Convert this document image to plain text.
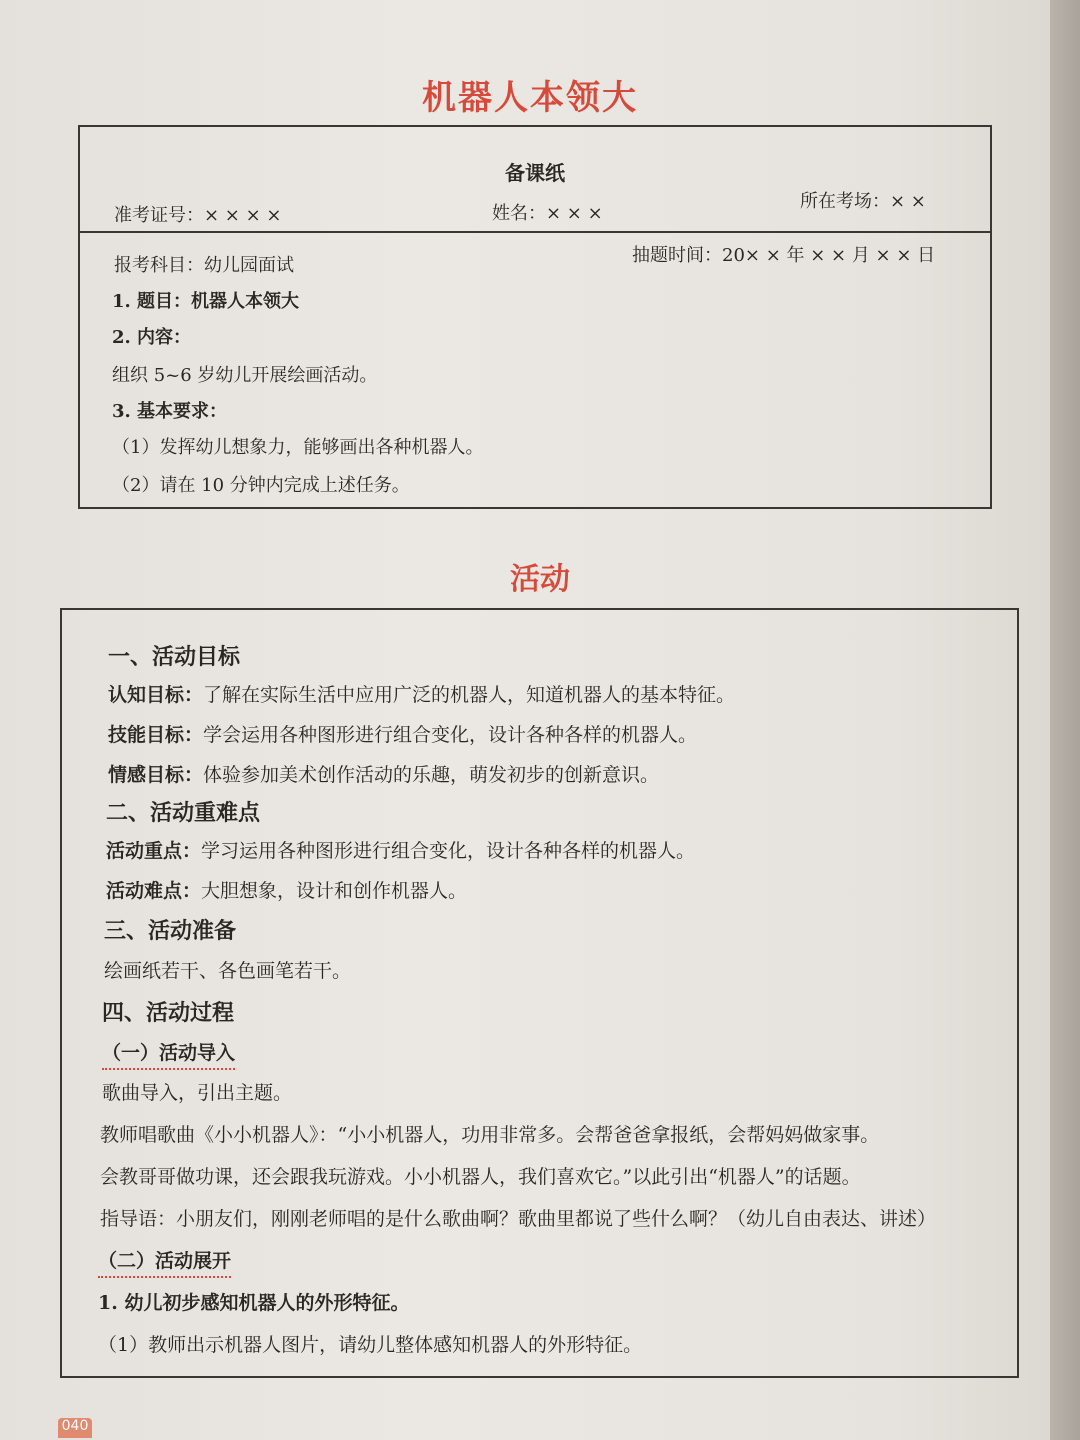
机器人本领大
备课纸
准考证号：× × × ×	姓名：× × ×
所在考场：× ×
报考科目：幼儿园面试	抽题时间：20× × 年 × × 月 × × 日
1. 题目：机器人本领大
2. 内容：
组织 5~6 岁幼儿开展绘画活动。
3. 基本要求：
（1）发挥幼儿想象力，能够画出各种机器人。
（2）请在 10 分钟内完成上述任务。
活动
一、活动目标
认知目标：了解在实际生活中应用广泛的机器人，知道机器人的基本特征。
技能目标：学会运用各种图形进行组合变化，设计各种各样的机器人。
情感目标：体验参加美术创作活动的乐趣，萌发初步的创新意识。
二、活动重难点
活动重点：学习运用各种图形进行组合变化，设计各种各样的机器人。
活动难点：大胆想象，设计和创作机器人。
三、活动准备
绘画纸若干、各色画笔若干。
四、活动过程
（一）活动导入
歌曲导入，引出主题。
教师唱歌曲《小小机器人》：“小小机器人，功用非常多。会帮爸爸拿报纸，会帮妈妈做家事。
会教哥哥做功课，还会跟我玩游戏。小小机器人，我们喜欢它。”以此引出“机器人”的话题。
指导语：小朋友们，刚刚老师唱的是什么歌曲啊？歌曲里都说了些什么啊？（幼儿自由表达、讲述）
（二）活动展开
1. 幼儿初步感知机器人的外形特征。
（1）教师出示机器人图片，请幼儿整体感知机器人的外形特征。
040
